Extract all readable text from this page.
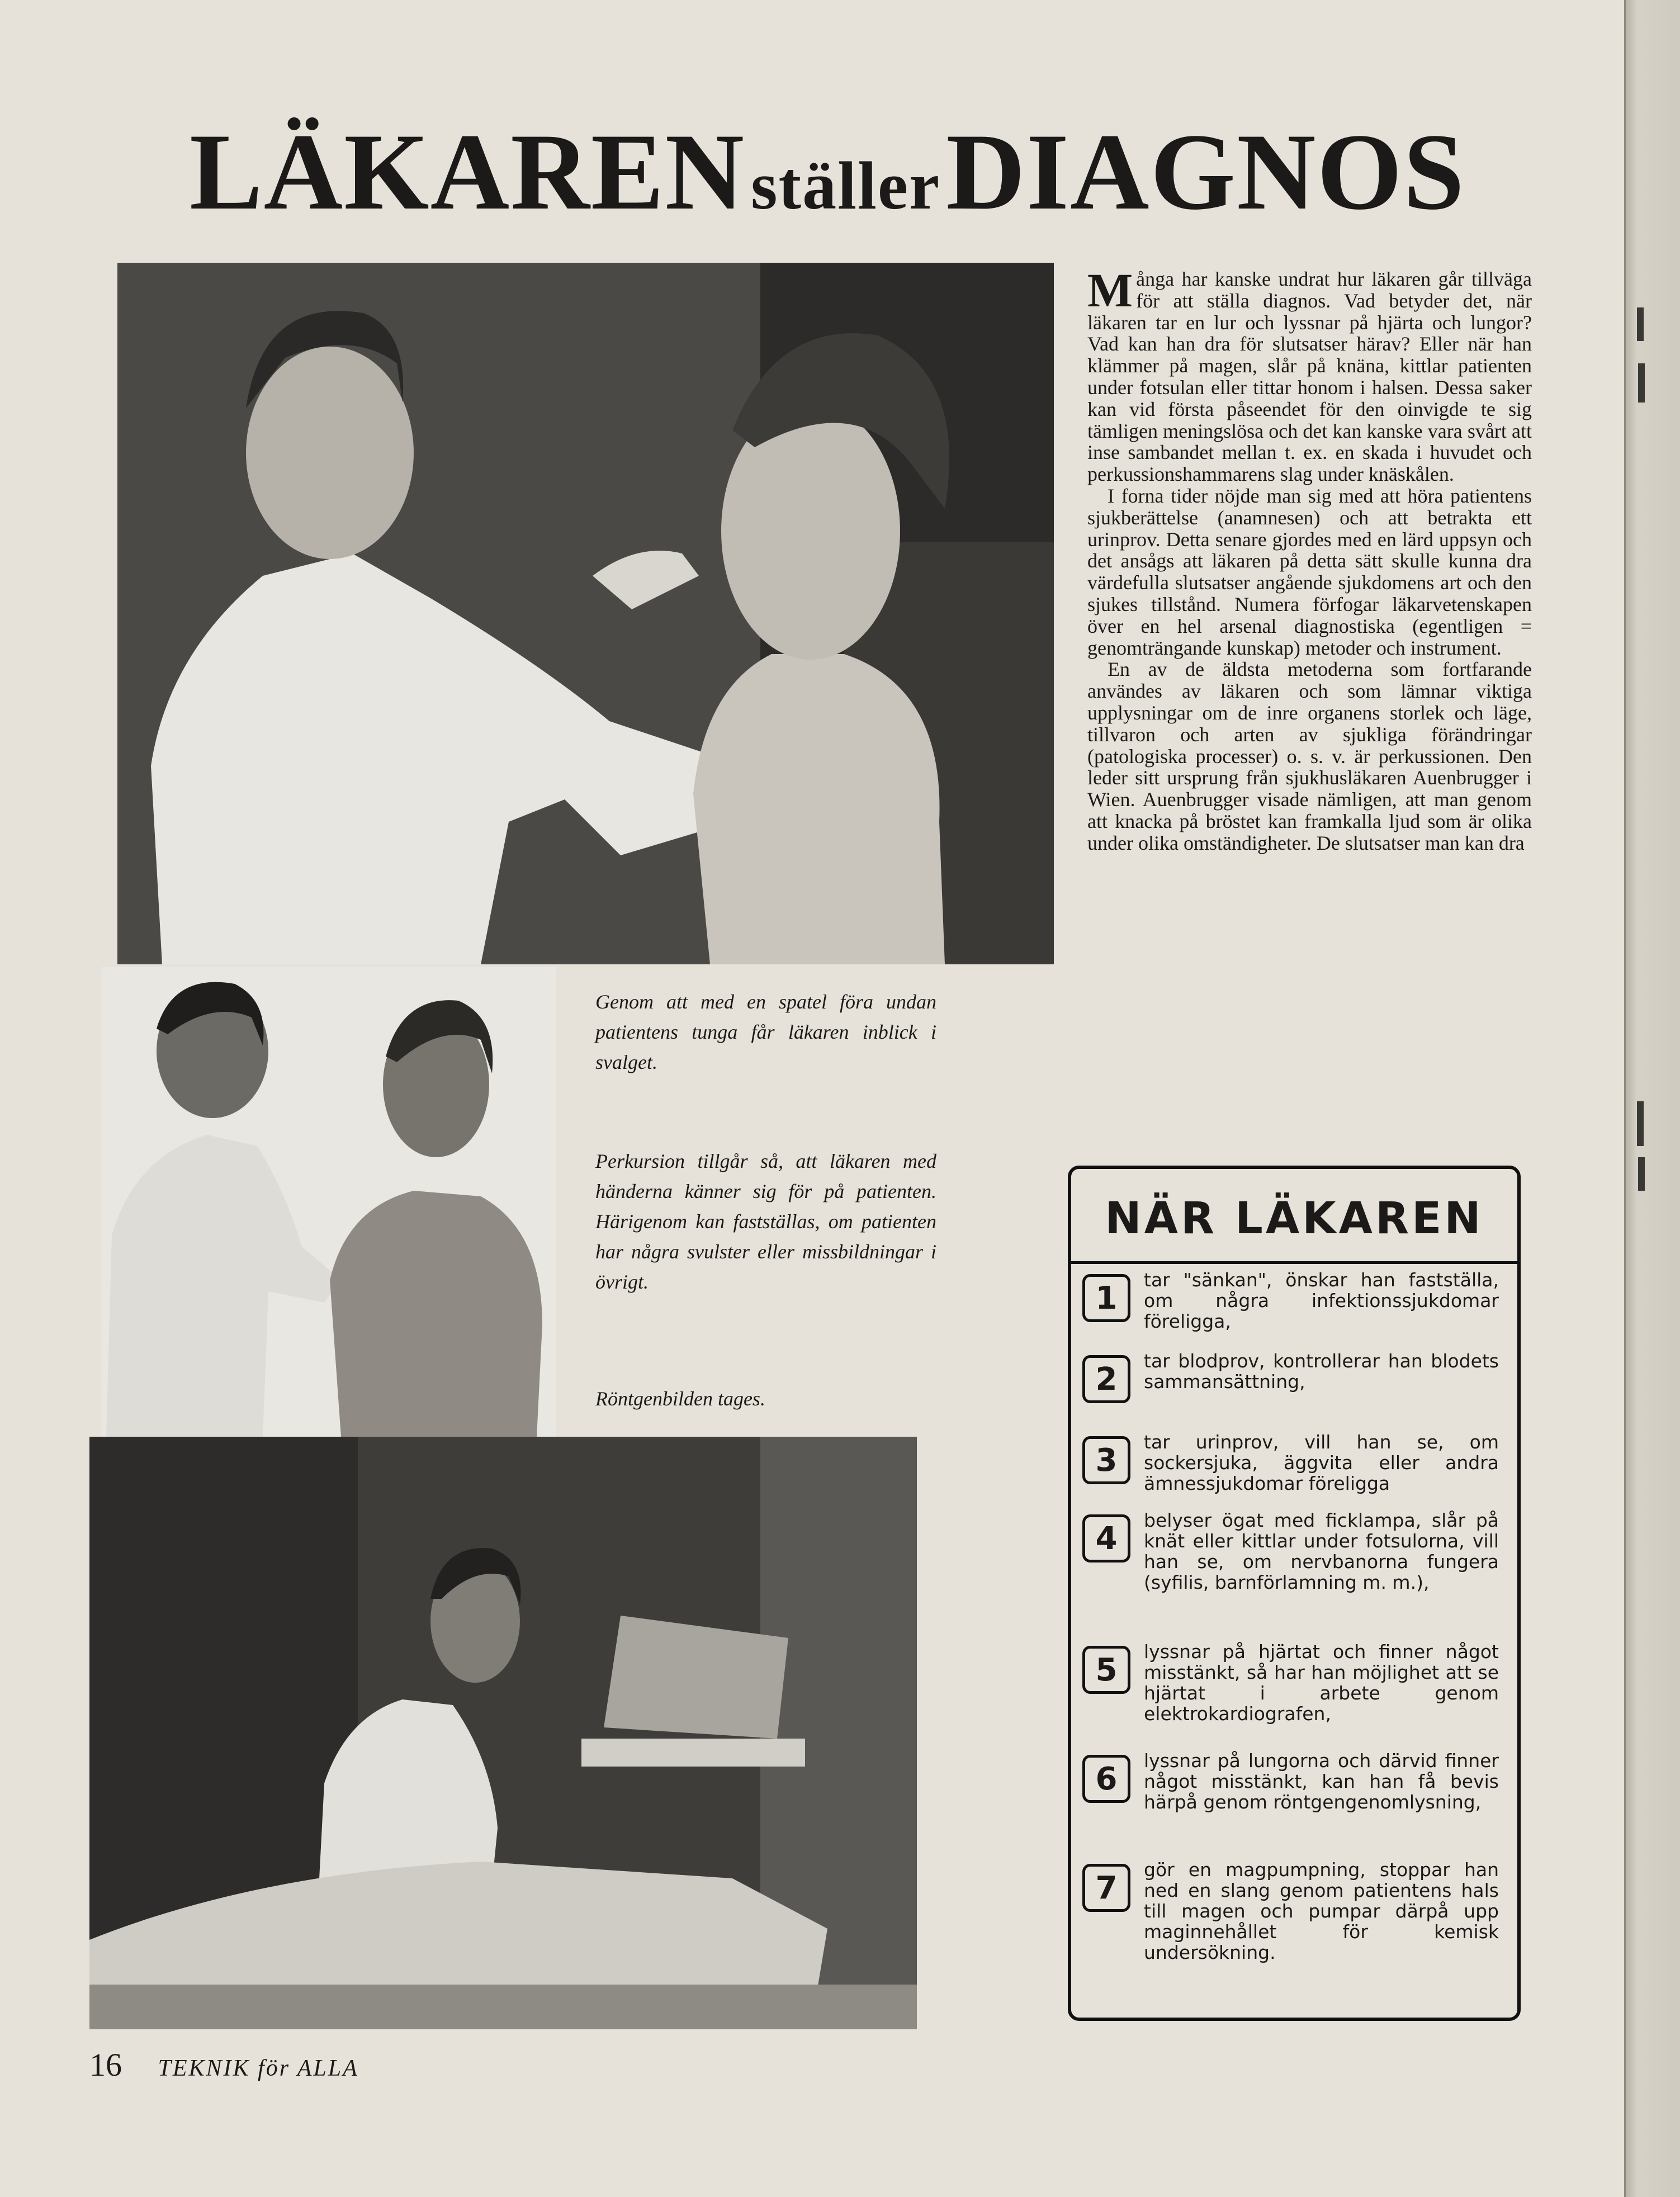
LÄKAREN ställer DIAGNOS
Genom att med en spatel föra undan patientens tunga får läkaren inblick i svalget.
Perkursion tillgår så, att läkaren med händerna känner sig för på patienten. Härigenom kan fastställas, om patienten har några svulster eller missbildningar i övrigt.
Röntgenbilden tages.

Många har kanske undrat hur läkaren går tillväga för att ställa diagnos. Vad betyder det, när läkaren tar en lur och lyssnar på hjärta och lungor? Vad kan han dra för slutsatser härav? Eller när han klämmer på magen, slår på knäna, kittlar patienten under fotsulan eller tittar honom i halsen. Dessa saker kan vid första påseendet för den oinvigde te sig tämligen meningslösa och det kan kanske vara svårt att inse sambandet mellan t. ex. en skada i huvudet och perkussionshammarens slag under knäskålen.

I forna tider nöjde man sig med att höra patientens sjukberättelse (anamnesen) och att betrakta ett urinprov. Detta senare gjordes med en lärd uppsyn och det ansågs att läkaren på detta sätt skulle kunna dra värdefulla slutsatser angående sjukdomens art och den sjukes tillstånd. Numera förfogar läkarvetenskapen över en hel arsenal diagnostiska (egentligen = genomträngande kunskap) metoder och instrument.

En av de äldsta metoderna som fortfarande användes av läkaren och som lämnar viktiga upplysningar om de inre organens storlek och läge, tillvaron och arten av sjukliga förändringar (patologiska processer) o. s. v. är perkussionen. Den leder sitt ursprung från sjukhusläkaren Auenbrugger i Wien. Auenbrugger visade nämligen, att man genom att knacka på bröstet kan framkalla ljud som är olika under olika omständigheter. De slutsatser man kan dra

NÄR LÄKAREN
1	tar "sänkan", önskar han fastställa, om några infektionssjukdomar föreligga,
2	tar blodprov, kontrollerar han blodets sammansättning,
3	tar urinprov, vill han se, om sockersjuka, äggvita eller andra ämnessjukdomar föreligga
4	belyser ögat med ficklampa, slår på knät eller kittlar under fotsulorna, vill han se, om nervbanorna fungera (syfilis, barnförlamning m. m.),
5	lyssnar på hjärtat och finner något misstänkt, så har han möjlighet att se hjärtat i arbete genom elektrokardiografen,
6	lyssnar på lungorna och därvid finner något misstänkt, kan han få bevis härpå genom röntgengenomlysning,
7	gör en magpumpning, stoppar han ned en slang genom patientens hals till magen och pumpar därpå upp maginnehållet för kemisk undersökning.
16 TEKNIK för ALLA
